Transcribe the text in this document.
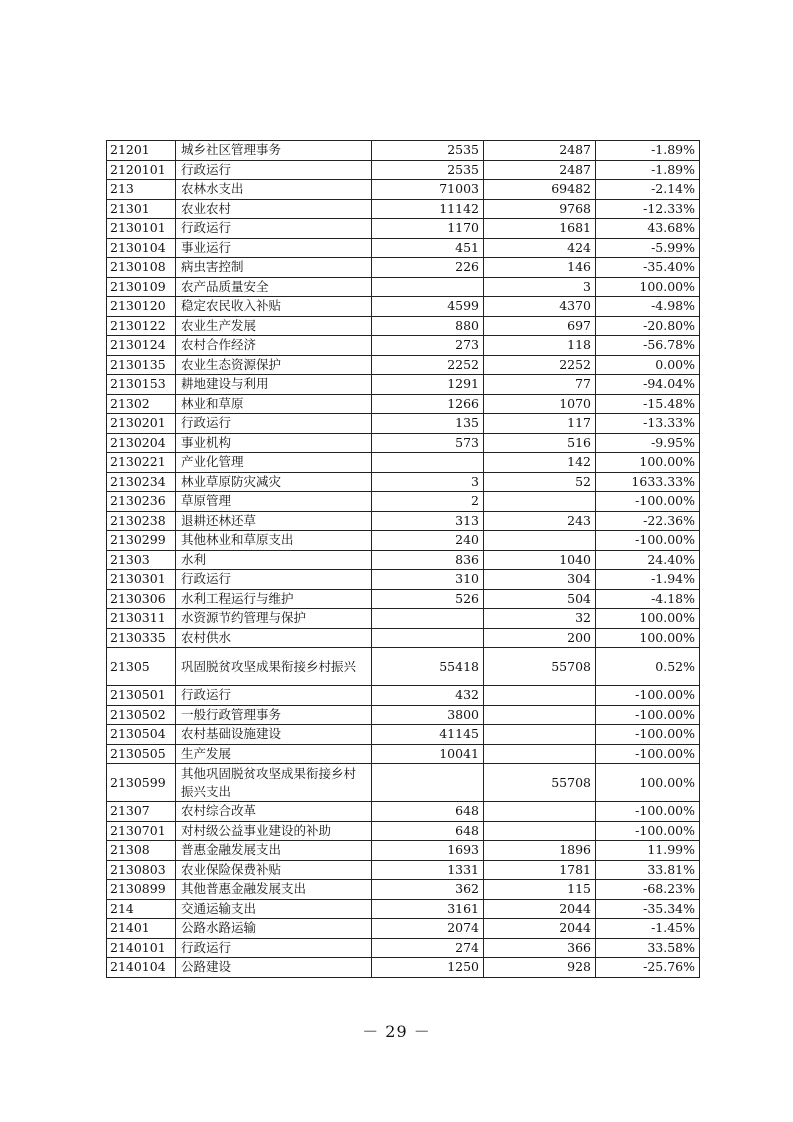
21201	城乡社区管理事务	2535	2487	-1.89%
2120101	行政运行	2535	2487	-1.89%
213	农林水支出	71003	69482	-2.14%
21301	农业农村	11142	9768	-12.33%
2130101	行政运行	1170	1681	43.68%
2130104	事业运行	451	424	-5.99%
2130108	病虫害控制	226	146	-35.40%
2130109	农产品质量安全		3	100.00%
2130120	稳定农民收入补贴	4599	4370	-4.98%
2130122	农业生产发展	880	697	-20.80%
2130124	农村合作经济	273	118	-56.78%
2130135	农业生态资源保护	2252	2252	0.00%
2130153	耕地建设与利用	1291	77	-94.04%
21302	林业和草原	1266	1070	-15.48%
2130201	行政运行	135	117	-13.33%
2130204	事业机构	573	516	-9.95%
2130221	产业化管理		142	100.00%
2130234	林业草原防灾减灾	3	52	1633.33%
2130236	草原管理	2		-100.00%
2130238	退耕还林还草	313	243	-22.36%
2130299	其他林业和草原支出	240		-100.00%
21303	水利	836	1040	24.40%
2130301	行政运行	310	304	-1.94%
2130306	水利工程运行与维护	526	504	-4.18%
2130311	水资源节约管理与保护		32	100.00%
2130335	农村供水		200	100.00%
21305	巩固脱贫攻坚成果衔接乡村振兴	55418	55708	0.52%
2130501	行政运行	432		-100.00%
2130502	一般行政管理事务	3800		-100.00%
2130504	农村基础设施建设	41145		-100.00%
2130505	生产发展	10041		-100.00%
2130599	其他巩固脱贫攻坚成果衔接乡村振兴支出		55708	100.00%
21307	农村综合改革	648		-100.00%
2130701	对村级公益事业建设的补助	648		-100.00%
21308	普惠金融发展支出	1693	1896	11.99%
2130803	农业保险保费补贴	1331	1781	33.81%
2130899	其他普惠金融发展支出	362	115	-68.23%
214	交通运输支出	3161	2044	-35.34%
21401	公路水路运输	2074	2044	-1.45%
2140101	行政运行	274	366	33.58%
2140104	公路建设	1250	928	-25.76%
－ 29 －
